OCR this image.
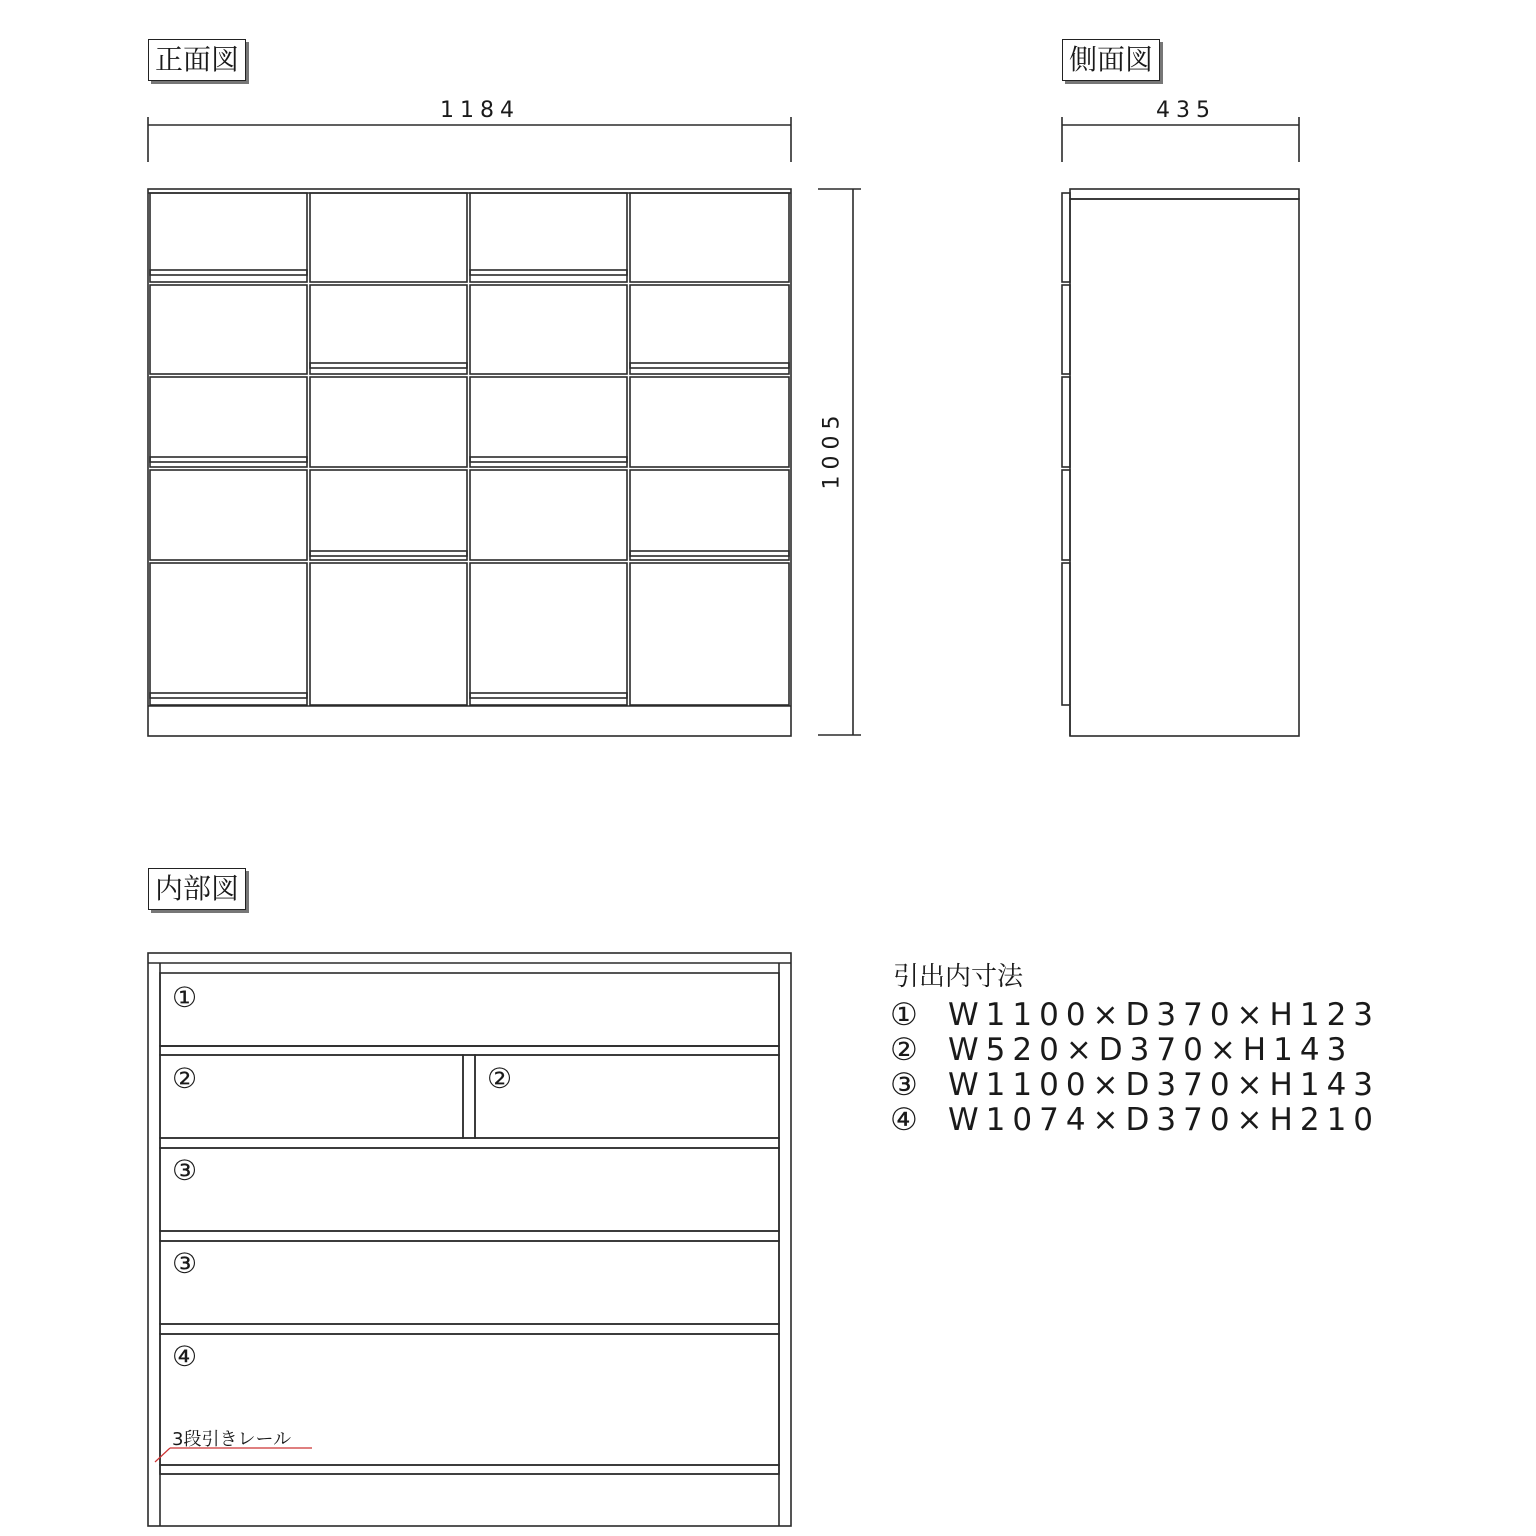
正面図	側面図
内部図
1184	435
1005
①
②	②
③
③
④
3段引きレール
引出内寸法
① W1100×D370×H123
② W520×D370×H143
③ W1100×D370×H143
④ W1074×D370×H210
